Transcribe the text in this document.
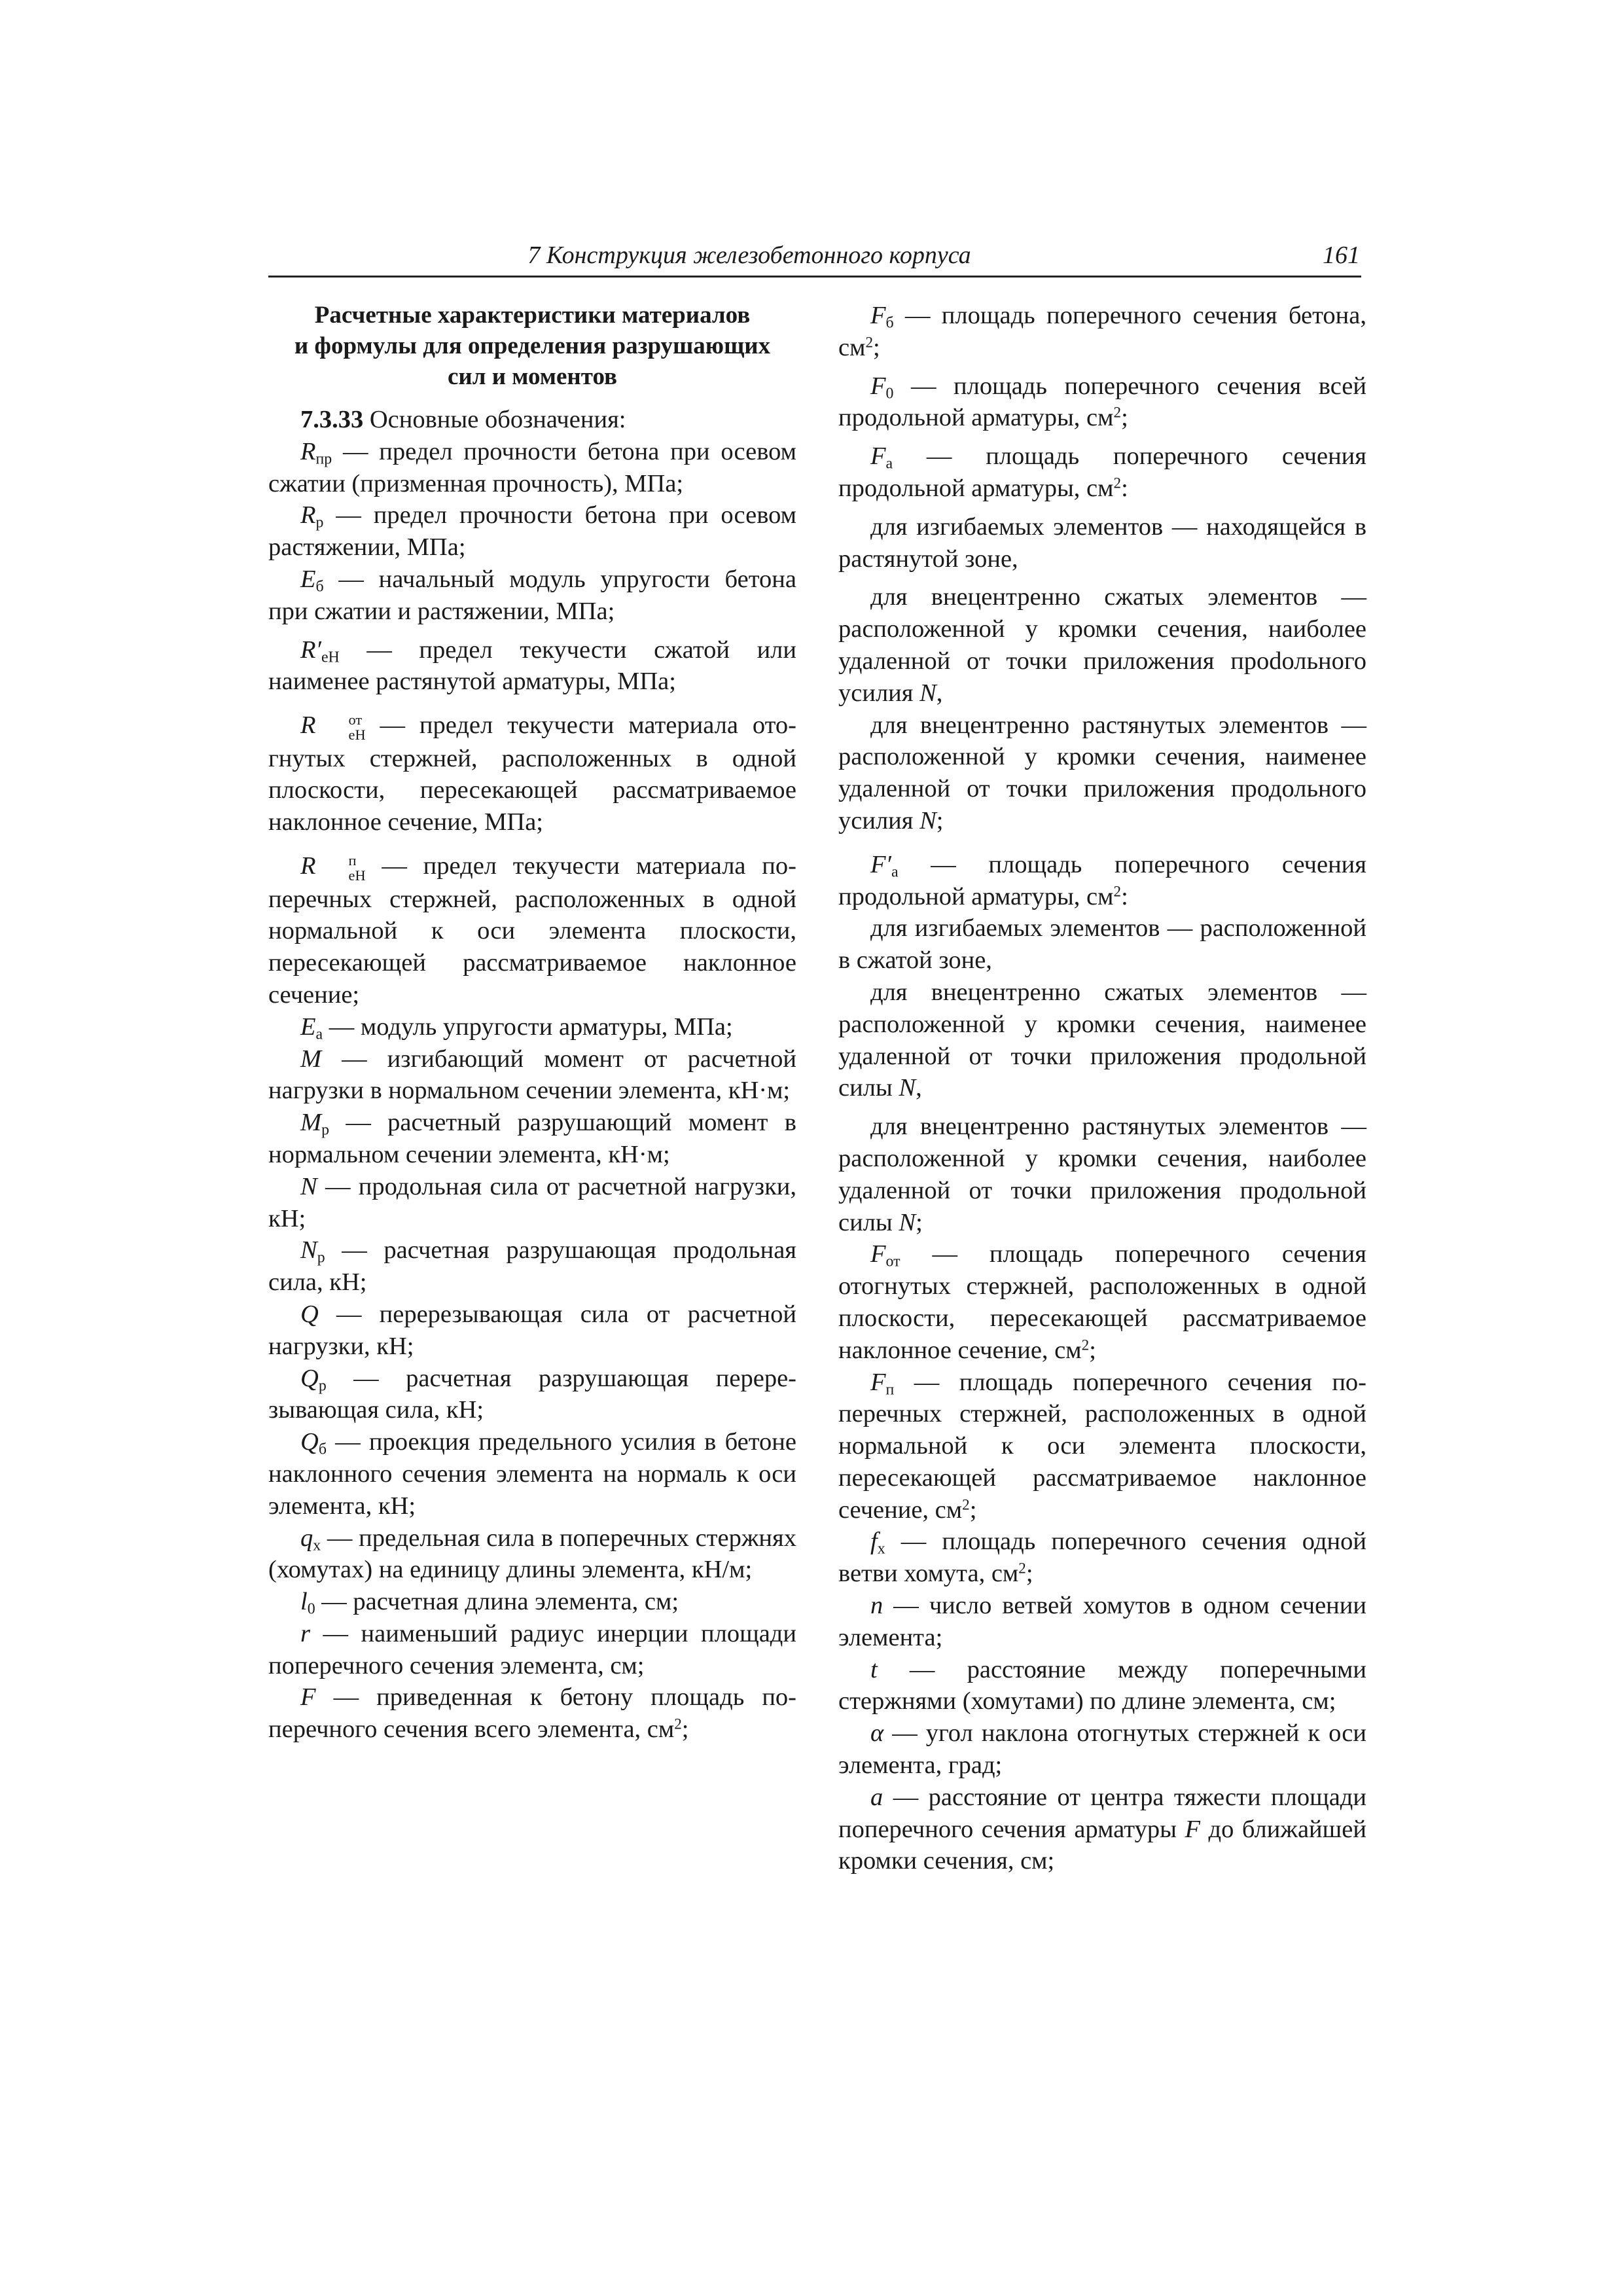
7 Конструкция железобетонного корпуса	161
Расчетные характеристики материалов
и формулы для определения разрушающих
сил и моментов

7.3.33 Основные обозначения:

$R_{пр}$ — предел прочности бетона при осевом сжатии (призменная прочность), МПа;

$R_р$ — предел прочности бетона при осевом растяжении, МПа;

$E_б$ — начальный модуль упругости бетона при сжатии и растяжении, МПа;

$R'_{eH}$ — предел текучести сжатой или наименее растянутой арматуры, МПа;

R	от
eH — предел текучести материала отогнутых стержней, расположенных в одной плоскости, пересекающей рассматриваемое наклонное сечение, МПа;

R	п
eH — предел текучести материала поперечных стержней, расположенных в одной нормальной к оси элемента плоскости, пересекающей рассматриваемое наклонное сечение;

$E_а$ — модуль упругости арматуры, МПа;

M — изгибающий момент от расчетной нагрузки в нормальном сечении элемента, кН·м;

$M_р$ — расчетный разрушающий момент в нормальном сечении элемента, кН·м;

N — продольная сила от расчетной нагрузки, кН;

$N_р$ — расчетная разрушающая продольная сила, кН;

Q — перерезывающая сила от расчетной нагрузки, кН;

$Q_р$ — расчетная разрушающая переpезывающая сила, кН;

$Q_б$ — проекция предельного усилия в бетоне наклонного сечения элемента на нормаль к оси элемента, кН;

$q_x$ — предельная сила в поперечных стержнях (хомутах) на единицу длины элемента, кН/м;

$l_0$ — расчетная длина элемента, см;

r — наименьший радиус инерции площади поперечного сечения элемента, см;

F — приведенная к бетону площадь поперечного сечения всего элемента, $см^2$;

$F_б$ — площадь поперечного сечения бетона, $см^2$;

$F_0$ — площадь поперечного сечения всей продольной арматуры, $см^2$;

$F_а$ — площадь поперечного сечения продольной арматуры, $см^2$:

для изгибаемых элементов — находящейся в растянутой зоне,

для внецентренно сжатых элементов — расположенной у кромки сечения, наиболее удаленной от точки приложения проdольного усилия N,

для внецентренно растянутых элементов — расположенной у кромки сечения, наименее удаленной от точки приложения продольного усилия N;

$F'_а$ — площадь поперечного сечения продольной арматуры, $см^2$:

для изгибаемых элементов — расположенной в сжатой зоне,

для внецентренно сжатых элементов — расположенной у кромки сечения, наименее удаленной от точки приложения продольной силы N,

для внецентренно растянутых элементов — расположенной у кромки сечения, наиболее удаленной от точки приложения продольной силы N;

$F_{от}$ — площадь поперечного сечения отогнутых стержней, расположенных в одной плоскости, пересекающей рассматриваемое наклонное сечение, $см^2$;

$F_п$ — площадь поперечного сечения поперечных стержней, расположенных в одной нормальной к оси элемента плоскости, пересекающей рассматриваемое наклонное сечение, $см^2$;

$f_x$ — площадь поперечного сечения одной ветви хомута, $см^2$;

n — число ветвей хомутов в одном сечении элемента;

t — расстояние между поперечными стержнями (хомутами) по длине элемента, см;

α — угол наклона отогнутых стержней к оси элемента, град;

a — расстояние от центра тяжести площади поперечного сечения арматуры F до ближайшей кромки сечения, см;
